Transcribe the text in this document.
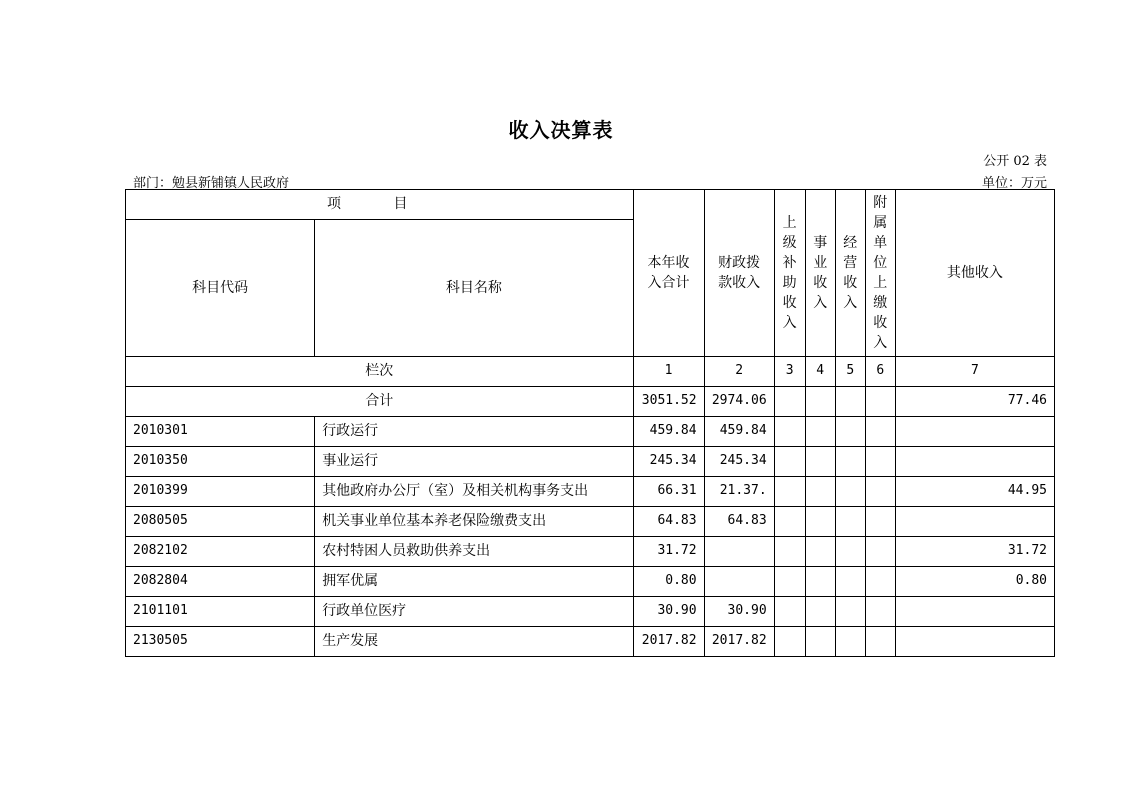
收入决算表
公开 02 表
部门：勉县新铺镇人民政府	单位：万元
项 目		本年收入合计	财政拨款收入	上级补助收入	事业收入	经营收入	附属单位上缴收入	其他收入
科目代码	科目名称							
栏次		1	2	3	4	5	6	7
合计		3051.52	2974.06					77.46
2010301	行政运行	459.84	459.84					
2010350	事业运行	245.34	245.34					
2010399	其他政府办公厅（室）及相关机构事务支出	66.31	21.37.					44.95
2080505	机关事业单位基本养老保险缴费支出	64.83	64.83					
2082102	农村特困人员救助供养支出	31.72						31.72
2082804	拥军优属	0.80						0.80
2101101	行政单位医疗	30.90	30.90					
2130505	生产发展	2017.82	2017.82					
